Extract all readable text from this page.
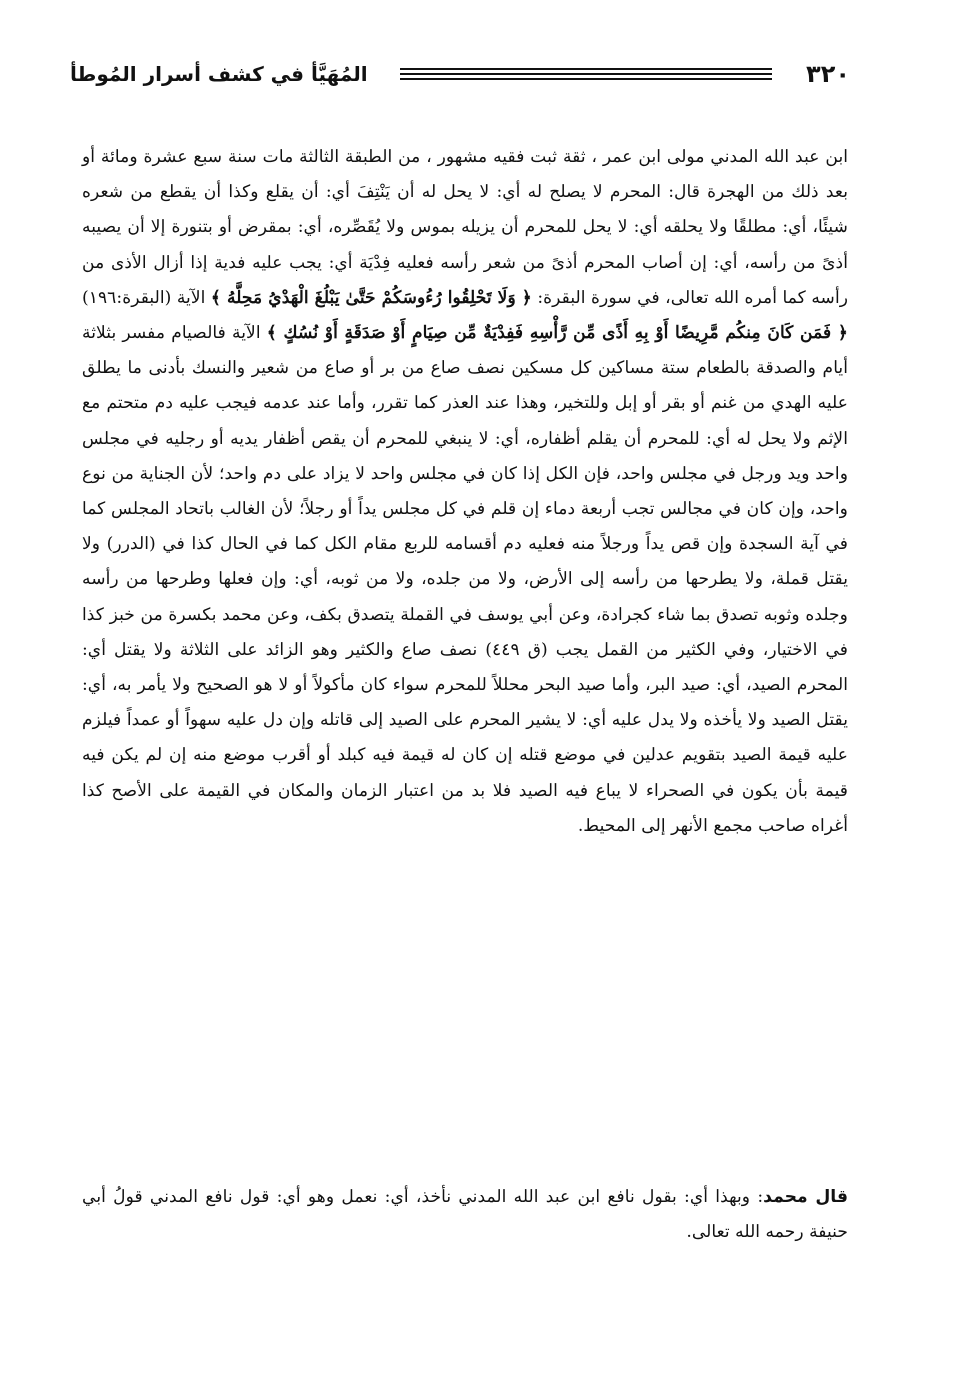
٣٢٠
المُهَيَّأ في كشف أسرار المُوطأ
ابن عبد الله المدني مولى ابن عمر ، ثقة ثبت فقيه مشهور ، من الطبقة الثالثة مات سنة سبع عشرة ومائة أو بعد ذلك من الهجرة قال: المحرم لا يصلح له أي: لا يحل له أن يَنْتِفَ أي: أن يقلع وكذا أن يقطع من شعره شيئًا، أي: مطلقًا ولا يحلقه أي: لا يحل للمحرم أن يزيله بموس ولا يُقَصِّره، أي: بمقرض أو بتنورة إلا أن يصيبه أذىً من رأسه، أي: إن أصاب المحرم أذىً من شعر رأسه فعليه فِدْيَة أي: يجب عليه فدية إذا أزال الأذى من رأسه كما أمره الله تعالى، في سورة البقرة: ﴿ وَلَا تَحْلِقُوا رُءُوسَكُمْ حَتَّىٰ يَبْلُغَ الْهَدْيُ مَحِلَّهُ ﴾ الآية (البقرة:١٩٦) ﴿ فَمَن كَانَ مِنكُم مَّرِيضًا أَوْ بِهِ أَذًى مِّن رَّأْسِهِ فَفِدْيَةٌ مِّن صِيَامٍ أَوْ صَدَقَةٍ أَوْ نُسُكٍ ﴾ الآية فالصيام مفسر بثلاثة أيام والصدقة بالطعام ستة مساكين كل مسكين نصف صاع من بر أو صاع من شعير والنسك بأدنى ما يطلق عليه الهدي من غنم أو بقر أو إبل وللتخير، وهذا عند العذر كما تقرر، وأما عند عدمه فيجب عليه دم متحتم مع الإثم ولا يحل له أي: للمحرم أن يقلم أظفاره، أي: لا ينبغي للمحرم أن يقص أظفار يديه أو رجليه في مجلس واحد ويد ورجل في مجلس واحد، فإن الكل إذا كان في مجلس واحد لا يزاد على دم واحد؛ لأن الجناية من نوع واحد، وإن كان في مجالس تجب أربعة دماء إن قلم في كل مجلس يداً أو رجلاً؛ لأن الغالب باتحاد المجلس كما في آية السجدة وإن قص يداً ورجلاً منه فعليه دم أقسامه للربع مقام الكل كما في الحال كذا في (الدرر) ولا يقتل قملة، ولا يطرحها من رأسه إلى الأرض، ولا من جلده، ولا من ثوبه، أي: وإن فعلها وطرحها من رأسه وجلده وثوبه تصدق بما شاء كجرادة، وعن أبي يوسف في القملة يتصدق بكف، وعن محمد بكسرة من خبز كذا في الاختيار، وفي الكثير من القمل يجب (ق ٤٤٩) نصف صاع والكثير وهو الزائد على الثلاثة ولا يقتل أي: المحرم الصيد، أي: صيد البر، وأما صيد البحر محللاً للمحرم سواء كان مأكولاً أو لا هو الصحيح ولا يأمر به، أي: يقتل الصيد ولا يأخذه ولا يدل عليه أي: لا يشير المحرم على الصيد إلى قاتله وإن دل عليه سهواً أو عمداً فيلزم عليه قيمة الصيد بتقويم عدلين في موضع قتله إن كان له قيمة فيه كبلد أو أقرب موضع منه إن لم يكن فيه قيمة بأن يكون في الصحراء لا يباع فيه الصيد فلا بد من اعتبار الزمان والمكان في القيمة على الأصح كذا أغراه صاحب مجمع الأنهر إلى المحيط.
قال محمد: وبهذا أي: بقول نافع ابن عبد الله المدني نأخذ، أي: نعمل وهو أي: قول نافع المدني قولُ أبي حنيفة رحمه الله تعالى.
